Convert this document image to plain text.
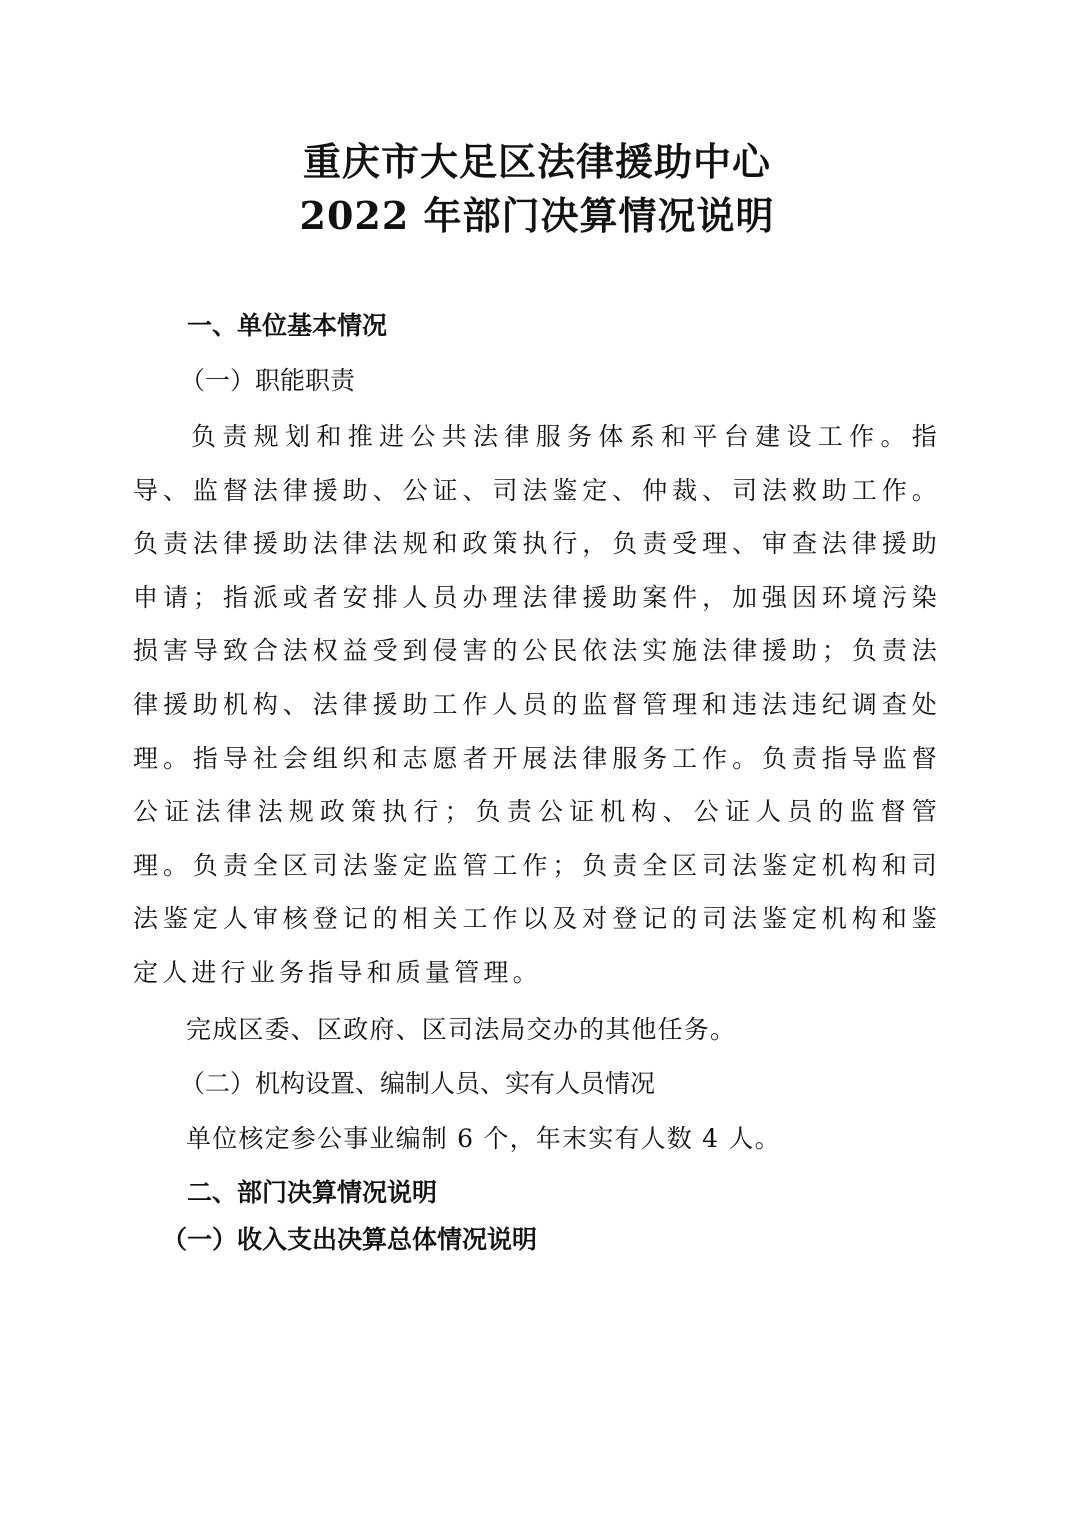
重庆市大足区法律援助中心
2022 年部门决算情况说明
一、单位基本情况
（一）职能职责
负责规划和推进公共法律服务体系和平台建设工作。指导、监督法律援助、公证、司法鉴定、仲裁、司法救助工作。负责法律援助法律法规和政策执行，负责受理、审查法律援助申请；指派或者安排人员办理法律援助案件，加强因环境污染损害导致合法权益受到侵害的公民依法实施法律援助；负责法律援助机构、法律援助工作人员的监督管理和违法违纪调查处理。指导社会组织和志愿者开展法律服务工作。负责指导监督公证法律法规政策执行；负责公证机构、公证人员的监督管理。负责全区司法鉴定监管工作；负责全区司法鉴定机构和司法鉴定人审核登记的相关工作以及对登记的司法鉴定机构和鉴定人进行业务指导和质量管理。
完成区委、区政府、区司法局交办的其他任务。
（二）机构设置、编制人员、实有人员情况
单位核定参公事业编制 6 个，年末实有人数 4 人。
二、部门决算情况说明
（一）收入支出决算总体情况说明
